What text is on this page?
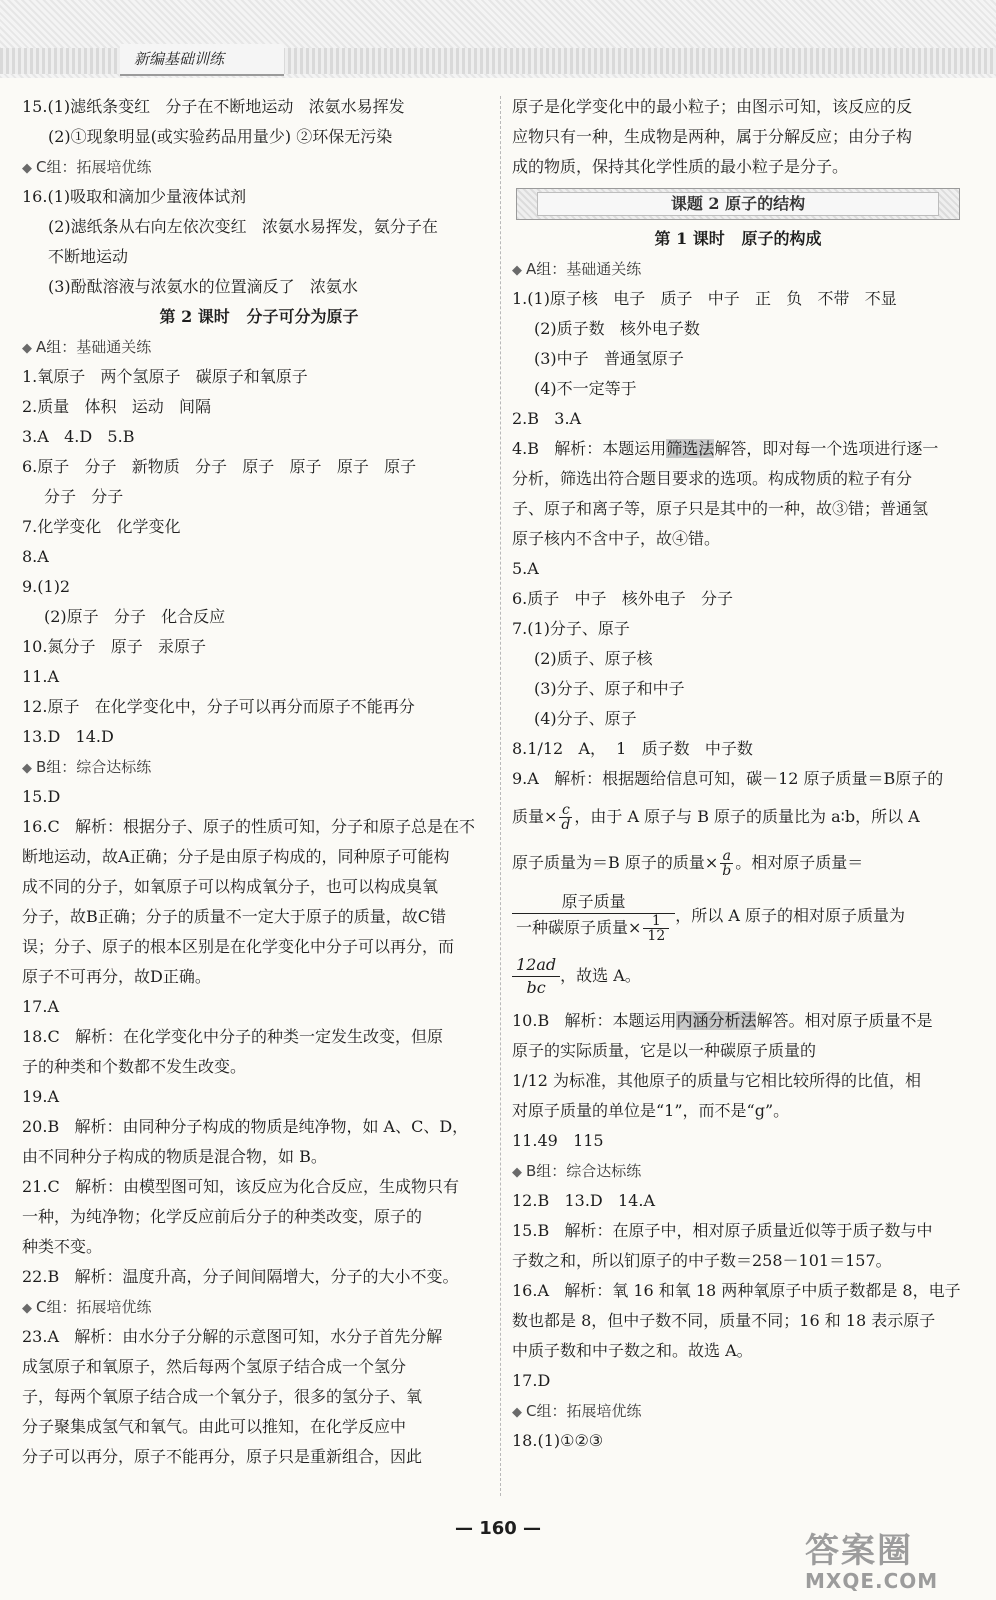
新编基础训练
15.(1)滤纸条变红   分子在不断地运动   浓氨水易挥发
(2)①现象明显(或实验药品用量少) ②环保无污染
◆ C组：拓展培优练
16.(1)吸取和滴加少量液体试剂
(2)滤纸条从右向左依次变红   浓氨水易挥发，氨分子在
不断地运动
(3)酚酞溶液与浓氨水的位置滴反了   浓氨水
第 2 课时   分子可分为原子
◆ A组：基础通关练
1.氧原子   两个氢原子   碳原子和氧原子
2.质量   体积   运动   间隔
3.A   4.D   5.B
6.原子   分子   新物质   分子   原子   原子   原子   原子
分子   分子
7.化学变化   化学变化
8.A
9.(1)2
(2)原子   分子   化合反应
10.氮分子   原子   汞原子
11.A
12.原子   在化学变化中，分子可以再分而原子不能再分
13.D   14.D
◆ B组：综合达标练
15.D
16.C   解析：根据分子、原子的性质可知，分子和原子总是在不
断地运动，故A正确；分子是由原子构成的，同种原子可能构
成不同的分子，如氧原子可以构成氧分子，也可以构成臭氧
分子，故B正确；分子的质量不一定大于原子的质量，故C错
误；分子、原子的根本区别是在化学变化中分子可以再分，而
原子不可再分，故D正确。
17.A
18.C   解析：在化学变化中分子的种类一定发生改变，但原
子的种类和个数都不发生改变。
19.A
20.B   解析：由同种分子构成的物质是纯净物，如 A、C、D，
由不同种分子构成的物质是混合物，如 B。
21.C   解析：由模型图可知，该反应为化合反应，生成物只有
一种，为纯净物；化学反应前后分子的种类改变，原子的
种类不变。
22.B   解析：温度升高，分子间间隔增大，分子的大小不变。
◆ C组：拓展培优练
23.A   解析：由水分子分解的示意图可知，水分子首先分解
成氢原子和氧原子，然后每两个氢原子结合成一个氢分
子，每两个氧原子结合成一个氧分子，很多的氢分子、氧
分子聚集成氢气和氧气。由此可以推知，在化学反应中
分子可以再分，原子不能再分，原子只是重新组合，因此
原子是化学变化中的最小粒子；由图示可知，该反应的反
应物只有一种，生成物是两种，属于分解反应；由分子构
成的物质，保持其化学性质的最小粒子是分子。
课题 2 原子的结构
第 1 课时   原子的构成
◆ A组：基础通关练
1.(1)原子核   电子   质子   中子   正   负   不带   不显
(2)质子数   核外电子数
(3)中子   普通氢原子
(4)不一定等于
2.B   3.A
4.B   解析：本题运用筛选法解答，即对每一个选项进行逐一
分析，筛选出符合题目要求的选项。构成物质的粒子有分
子、原子和离子等，原子只是其中的一种，故③错；普通氢
原子核内不含中子，故④错。
5.A
6.质子   中子   核外电子   分子
7.(1)分子、原子
(2)质子、原子核
(3)分子、原子和中子
(4)分子、原子
8.1/12   A，  1   质子数   中子数
9.A   解析：根据题给信息可知，碳－12 原子质量＝B原子的
质量× $\frac{c}{d}$ ，由于 A 原子与 B 原子的质量比为 a∶b，所以 A
原子质量为＝B 原子的质量× $\frac{a}{b}$ 。相对原子质量＝
原子质量
一种碳原子质量× $\frac{1}{12}$ ，所以 A 原子的相对原子质量为
$\frac{12ad}{bc}$ ，故选 A。
10.B   解析：本题运用内涵分析法解答。相对原子质量不是
原子的实际质量，它是以一种碳原子质量的
1/12 为标准，其他原子的质量与它相比较所得的比值，相
对原子质量的单位是“1”，而不是“g”。
11.49   115
◆ B组：综合达标练
12.B   13.D   14.A
15.B   解析：在原子中，相对原子质量近似等于质子数与中
子数之和，所以钔原子的中子数＝258－101＝157。
16.A   解析：氧 16 和氧 18 两种氧原子中质子数都是 8，电子
数也都是 8，但中子数不同，质量不同；16 和 18 表示原子
中质子数和中子数之和。故选 A。
17.D
◆ C组：拓展培优练
18.(1)①②③
— 160 —
答案圈
MXQE.COM
